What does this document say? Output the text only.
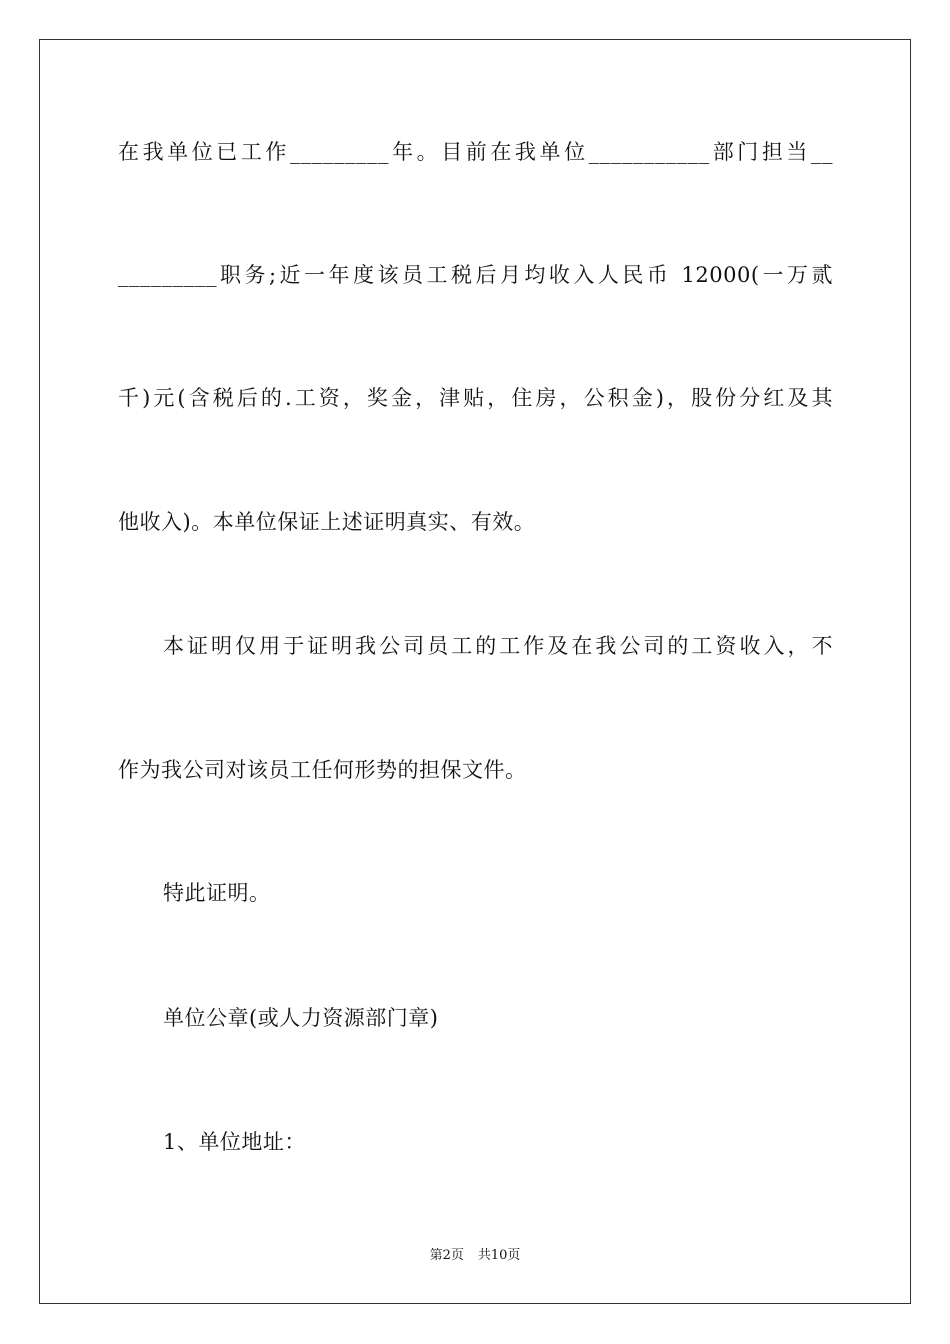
在我单位已工作_________年。目前在我单位___________部门担当__
_________职务;近一年度该员工税后月均收入人民币 12000(一万贰
千)元(含税后的.工资，奖金，津贴，住房，公积金)，股份分红及其
他收入)。本单位保证上述证明真实、有效。
本证明仅用于证明我公司员工的工作及在我公司的工资收入，不
作为我公司对该员工任何形势的担保文件。
特此证明。
单位公章(或人力资源部门章)
1、单位地址：
第2页 共10页
